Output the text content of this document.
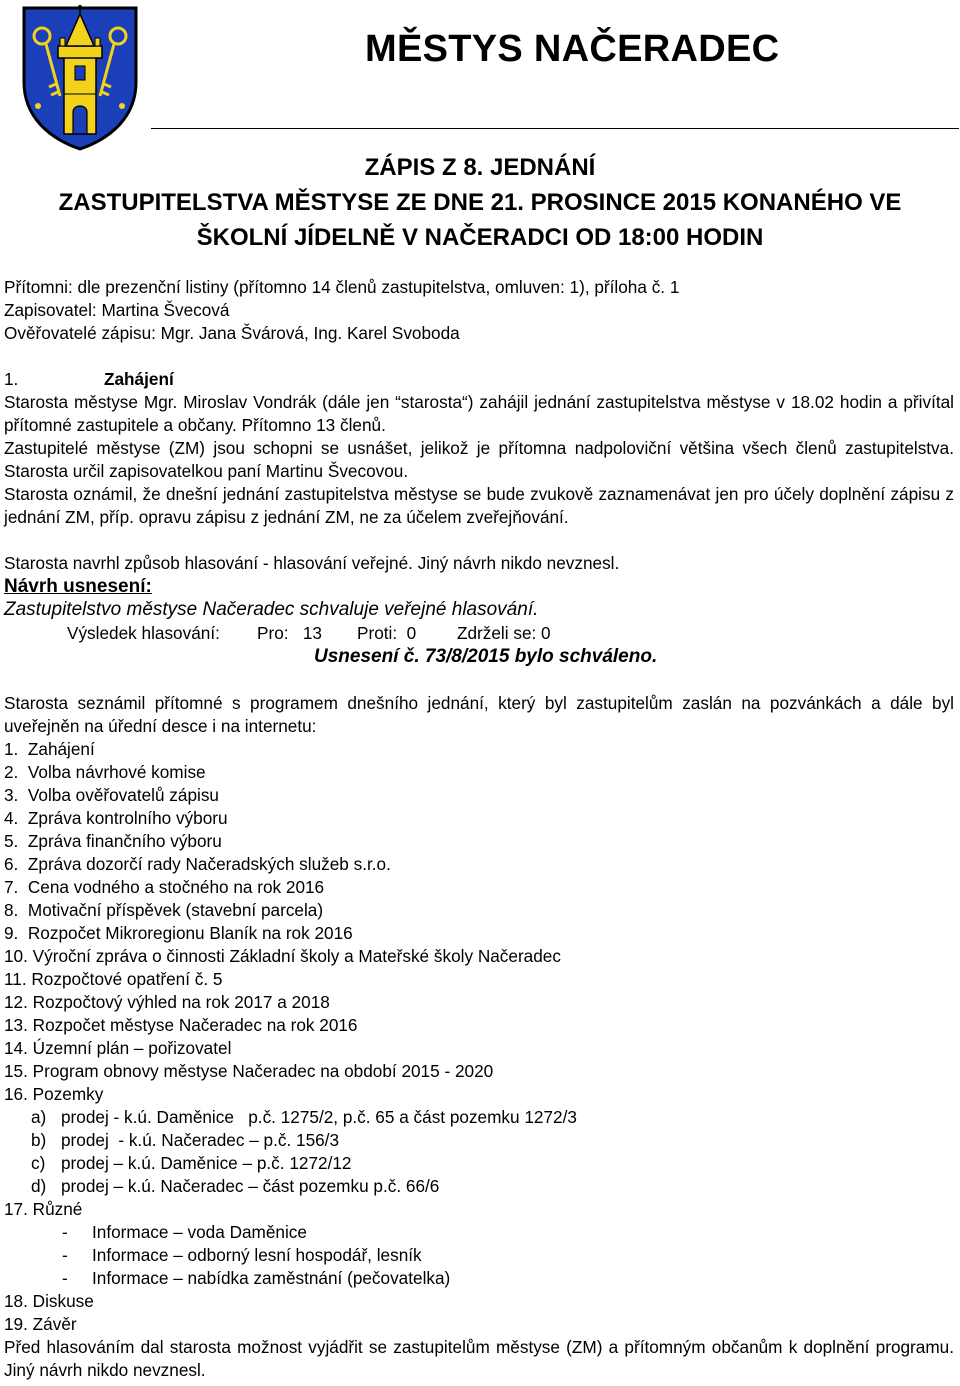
MĚSTYS NAČERADEC
ZÁPIS Z 8. JEDNÁNÍ
ZASTUPITELSTVA MĚSTYSE ZE DNE 21. PROSINCE 2015 KONANÉHO VE
ŠKOLNÍ JÍDELNĚ V NAČERADCI OD 18:00 HODIN
Přítomni: dle prezenční listiny (přítomno 14 členů zastupitelstva, omluven: 1), příloha č. 1
Zapisovatel: Martina Švecová
Ověřovatelé zápisu: Mgr. Jana Švárová, Ing. Karel Svoboda
1.	Zahájení
Starosta městyse Mgr. Miroslav Vondrák (dále jen “starosta“) zahájil jednání zastupitelstva městyse v 18.02 hodin a přivítal přítomné zastupitele a občany. Přítomno 13 členů.
Zastupitelé městyse (ZM) jsou schopni se usnášet, jelikož je přítomna nadpoloviční většina všech členů zastupitelstva. Starosta určil zapisovatelkou paní Martinu Švecovou.
Starosta oznámil, že dnešní jednání zastupitelstva městyse se bude zvukově zaznamenávat jen pro účely doplnění zápisu z jednání ZM, příp. opravu zápisu z jednání ZM, ne za účelem zveřejňování.
Starosta navrhl způsob hlasování - hlasování veřejné. Jiný návrh nikdo nevznesl.
Návrh usnesení:
Zastupitelstvo městyse Načeradec schvaluje veřejné hlasování.
Výsledek hlasování:	Pro:   13	Proti:  0	Zdrželi se: 0
Usnesení č. 73/8/2015 bylo schváleno.
Starosta seznámil přítomné s programem dnešního jednání, který byl zastupitelům zaslán na pozvánkách a dále byl uveřejněn na úřední desce i na internetu:
1.  Zahájení
2.  Volba návrhové komise
3.  Volba ověřovatelů zápisu
4.  Zpráva kontrolního výboru
5.  Zpráva finančního výboru
6.  Zpráva dozorčí rady Načeradských služeb s.r.o.
7.  Cena vodného a stočného na rok 2016
8.  Motivační příspěvek (stavební parcela)
9.  Rozpočet Mikroregionu Blaník na rok 2016
10. Výroční zpráva o činnosti Základní školy a Mateřské školy Načeradec
11. Rozpočtové opatření č. 5
12. Rozpočtový výhled na rok 2017 a 2018
13. Rozpočet městyse Načeradec na rok 2016
14. Územní plán – pořizovatel
15. Program obnovy městyse Načeradec na období 2015 - 2020
16. Pozemky
a) prodej - k.ú. Daměnice   p.č. 1275/2, p.č. 65 a část pozemku 1272/3
b) prodej  - k.ú. Načeradec – p.č. 156/3
c) prodej – k.ú. Daměnice – p.č. 1272/12
d) prodej – k.ú. Načeradec – část pozemku p.č. 66/6
17. Různé
-	Informace – voda Daměnice
-	Informace – odborný lesní hospodář, lesník
-	Informace – nabídka zaměstnání (pečovatelka)
18. Diskuse
19. Závěr
Před hlasováním dal starosta možnost vyjádřit se zastupitelům městyse (ZM) a přítomným občanům k doplnění programu. Jiný návrh nikdo nevznesl.
